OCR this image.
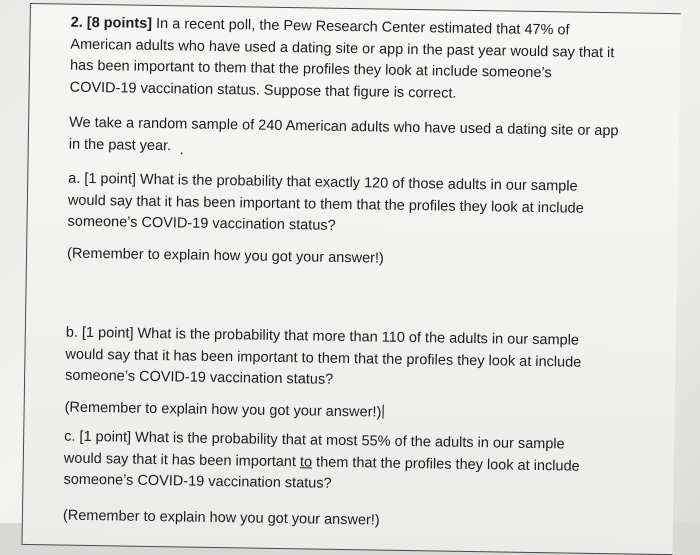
2. [8 points] In a recent poll, the Pew Research Center estimated that 47% of
American adults who have used a dating site or app in the past year would say that it
has been important to them that the profiles they look at include someone’s
COVID-19 vaccination status. Suppose that figure is correct.

We take a random sample of 240 American adults who have used a dating site or app
in the past year.

a. [1 point] What is the probability that exactly 120 of those adults in our sample
would say that it has been important to them that the profiles they look at include
someone’s COVID-19 vaccination status?

(Remember to explain how you got your answer!)

b. [1 point] What is the probability that more than 110 of the adults in our sample
would say that it has been important to them that the profiles they look at include
someone’s COVID-19 vaccination status?

(Remember to explain how you got your answer!)

c. [1 point] What is the probability that at most 55% of the adults in our sample
would say that it has been important to them that the profiles they look at include
someone’s COVID-19 vaccination status?

(Remember to explain how you got your answer!)
